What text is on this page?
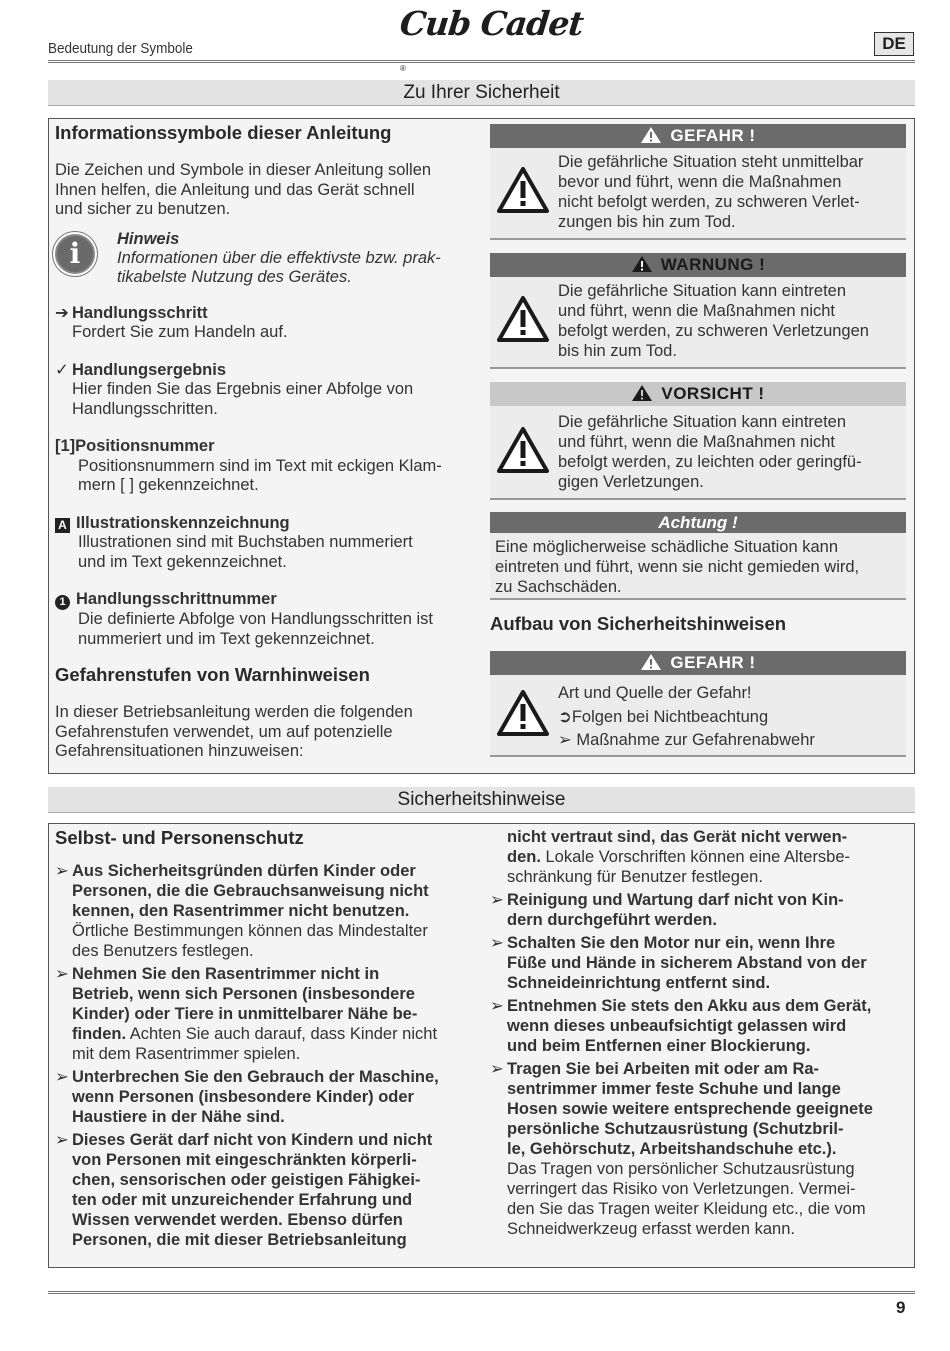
Cub Cadet$_®$
Bedeutung der Symbole	DE
Zu Ihrer Sicherheit
Informationssymbole dieser Anleitung
Die Zeichen und Symbole in dieser Anleitung sollen
Ihnen helfen, die Anleitung und das Gerät schnell
und sicher zu benutzen.
i	Hinweis
Informationen über die effektivste bzw. prak-
tikabelste Nutzung des Gerätes.
➔ Handlungsschritt
Fordert Sie zum Handeln auf.
✓ Handlungsergebnis
Hier finden Sie das Ergebnis einer Abfolge von
Handlungsschritten.
[1]Positionsnummer
Positionsnummern sind im Text mit eckigen Klam-
mern [ ] gekennzeichnet.
A Illustrationskennzeichnung
Illustrationen sind mit Buchstaben nummeriert
und im Text gekennzeichnet.
1 Handlungsschrittnummer
Die definierte Abfolge von Handlungsschritten ist
nummeriert und im Text gekennzeichnet.
Gefahrenstufen von Warnhinweisen
In dieser Betriebsanleitung werden die folgenden
Gefahrenstufen verwendet, um auf potenzielle
Gefahrensituationen hinzuweisen:
GEFAHR !
Die gefährliche Situation steht unmittelbar
bevor und führt, wenn die Maßnahmen
nicht befolgt werden, zu schweren Verlet-
zungen bis hin zum Tod.
WARNUNG !
Die gefährliche Situation kann eintreten
und führt, wenn die Maßnahmen nicht
befolgt werden, zu schweren Verletzungen
bis hin zum Tod.
VORSICHT !
Die gefährliche Situation kann eintreten
und führt, wenn die Maßnahmen nicht
befolgt werden, zu leichten oder geringfü-
gigen Verletzungen.
Achtung !
Eine möglicherweise schädliche Situation kann
eintreten und führt, wenn sie nicht gemieden wird,
zu Sachschäden.
Aufbau von Sicherheitshinweisen
GEFAHR !
Art und Quelle der Gefahr!
➲Folgen bei Nichtbeachtung
➢ Maßnahme zur Gefahrenabwehr
Sicherheitshinweise
Selbst- und Personenschutz
➢ Aus Sicherheitsgründen dürfen Kinder oder
Personen, die die Gebrauchsanweisung nicht
kennen, den Rasentrimmer nicht benutzen.
Örtliche Bestimmungen können das Mindestalter
des Benutzers festlegen.
➢ Nehmen Sie den Rasentrimmer nicht in
Betrieb, wenn sich Personen (insbesondere
Kinder) oder Tiere in unmittelbarer Nähe be-
finden. Achten Sie auch darauf, dass Kinder nicht
mit dem Rasentrimmer spielen.
➢ Unterbrechen Sie den Gebrauch der Maschine,
wenn Personen (insbesondere Kinder) oder
Haustiere in der Nähe sind.
➢ Dieses Gerät darf nicht von Kindern und nicht
von Personen mit eingeschränkten körperli-
chen, sensorischen oder geistigen Fähigkei-
ten oder mit unzureichender Erfahrung und
Wissen verwendet werden. Ebenso dürfen
Personen, die mit dieser Betriebsanleitung
nicht vertraut sind, das Gerät nicht verwen-
den. Lokale Vorschriften können eine Altersbe-
schränkung für Benutzer festlegen.
➢ Reinigung und Wartung darf nicht von Kin-
dern durchgeführt werden.
➢ Schalten Sie den Motor nur ein, wenn Ihre
Füße und Hände in sicherem Abstand von der
Schneideinrichtung entfernt sind.
➢ Entnehmen Sie stets den Akku aus dem Gerät,
wenn dieses unbeaufsichtigt gelassen wird
und beim Entfernen einer Blockierung.
➢ Tragen Sie bei Arbeiten mit oder am Ra-
sentrimmer immer feste Schuhe und lange
Hosen sowie weitere entsprechende geeignete
persönliche Schutzausrüstung (Schutzbril-
le, Gehörschutz, Arbeitshandschuhe etc.).
Das Tragen von persönlicher Schutzausrüstung
verringert das Risiko von Verletzungen. Vermei-
den Sie das Tragen weiter Kleidung etc., die vom
Schneidwerkzeug erfasst werden kann.
9
